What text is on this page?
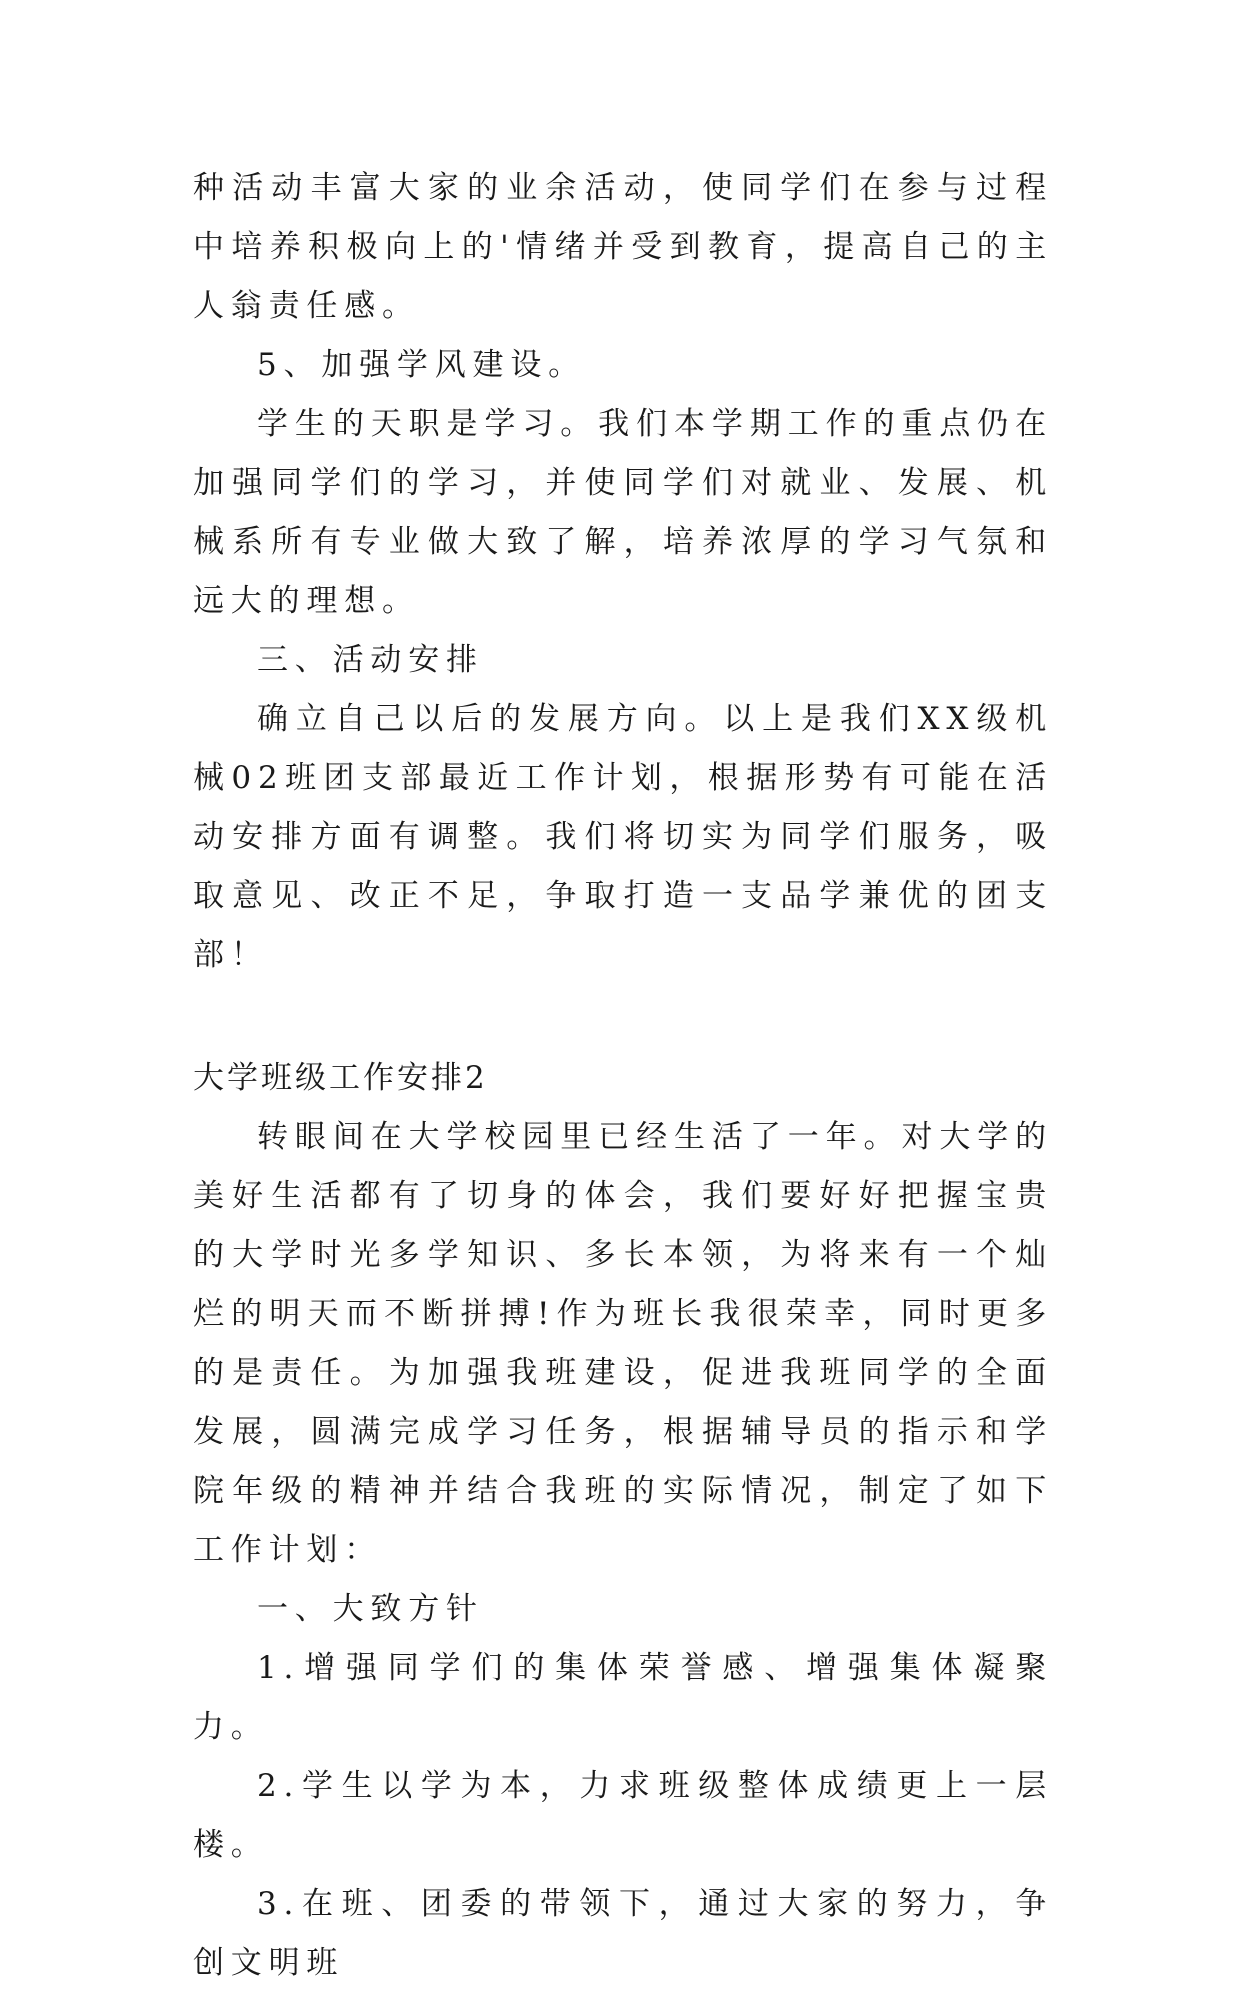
种活动丰富大家的业余活动，使同学们在参与过程中培养积极向上的'情绪并受到教育，提高自己的主人翁责任感。

5、加强学风建设。

学生的天职是学习。我们本学期工作的重点仍在加强同学们的学习，并使同学们对就业、发展、机械系所有专业做大致了解，培养浓厚的学习气氛和远大的理想。

三、活动安排

确立自己以后的发展方向。以上是我们XX级机械02班团支部最近工作计划，根据形势有可能在活动安排方面有调整。我们将切实为同学们服务，吸取意见、改正不足，争取打造一支品学兼优的团支部！

大学班级工作安排2

转眼间在大学校园里已经生活了一年。对大学的美好生活都有了切身的体会，我们要好好把握宝贵的大学时光多学知识、多长本领，为将来有一个灿烂的明天而不断拼搏!作为班长我很荣幸，同时更多的是责任。为加强我班建设，促进我班同学的全面发展，圆满完成学习任务，根据辅导员的指示和学院年级的精神并结合我班的实际情况，制定了如下工作计划：

一、大致方针

1.增强同学们的集体荣誉感、增强集体凝聚力。

2.学生以学为本，力求班级整体成绩更上一层楼。

3.在班、团委的带领下，通过大家的努力，争创文明班
